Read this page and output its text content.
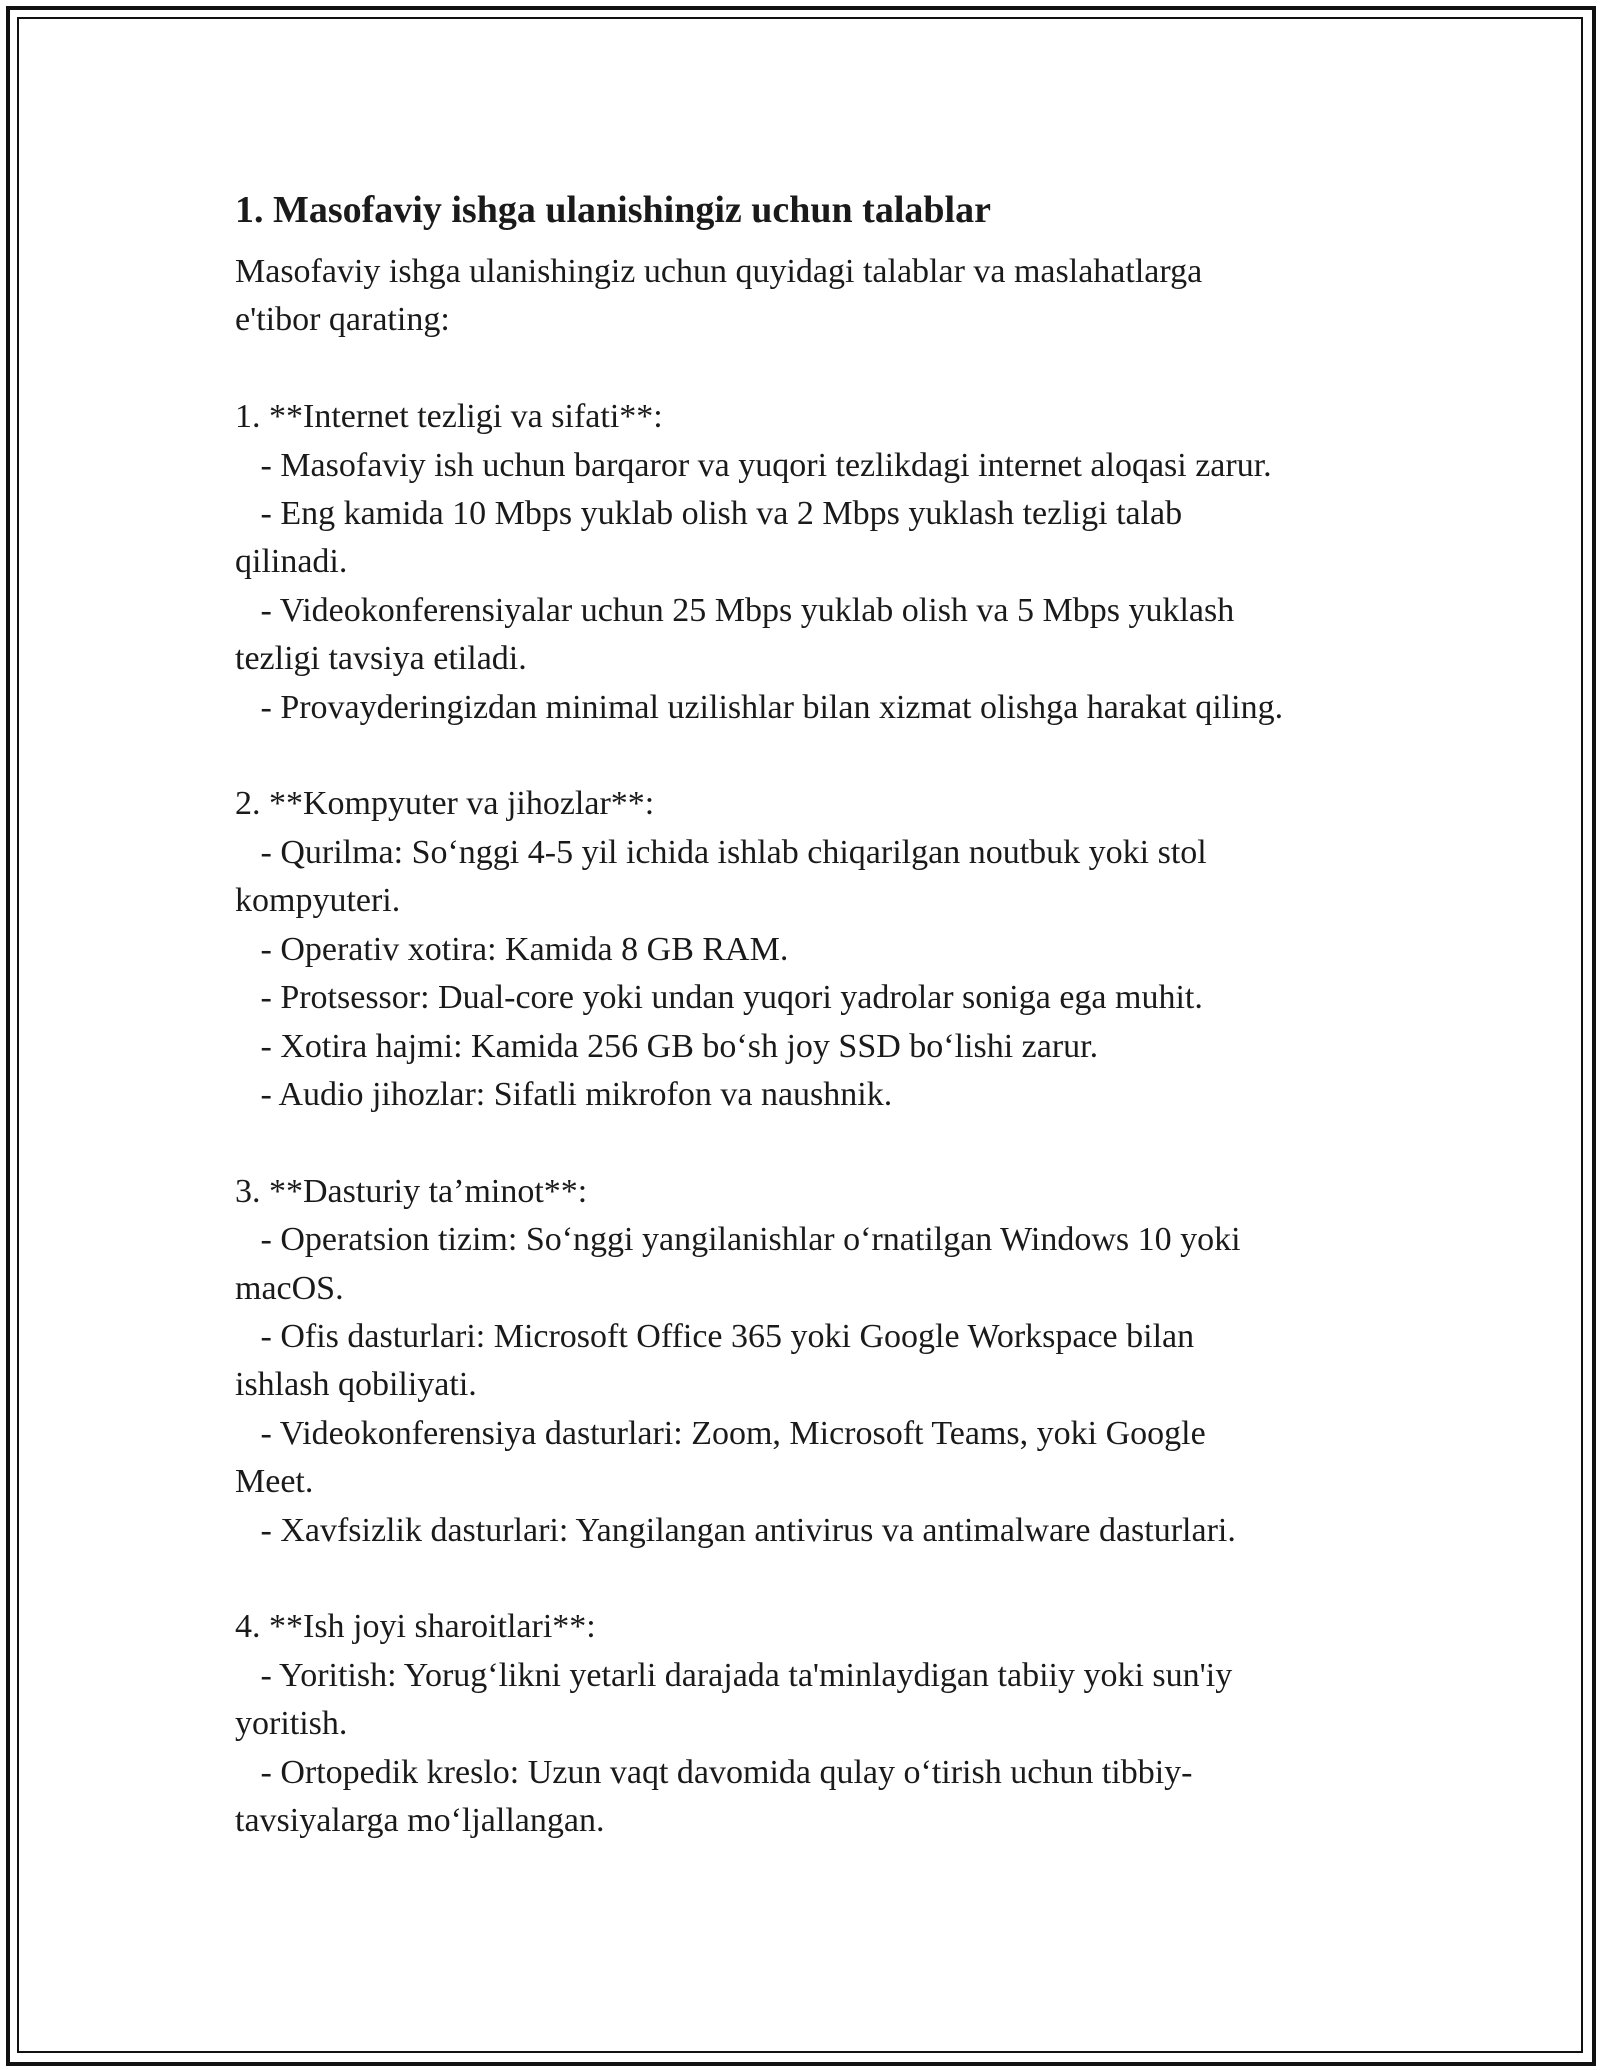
1. Masofaviy ishga ulanishingiz uchun talablar

Masofaviy ishga ulanishingiz uchun quyidagi talablar va maslahatlarga
e'tibor qarating:

1. **Internet tezligi va sifati**:
- Masofaviy ish uchun barqaror va yuqori tezlikdagi internet aloqasi zarur.
- Eng kamida 10 Mbps yuklab olish va 2 Mbps yuklash tezligi talab
qilinadi.
- Videokonferensiyalar uchun 25 Mbps yuklab olish va 5 Mbps yuklash
tezligi tavsiya etiladi.
- Provayderingizdan minimal uzilishlar bilan xizmat olishga harakat qiling.

2. **Kompyuter va jihozlar**:
- Qurilma: So‘nggi 4-5 yil ichida ishlab chiqarilgan noutbuk yoki stol
kompyuteri.
- Operativ xotira: Kamida 8 GB RAM.
- Protsessor: Dual-core yoki undan yuqori yadrolar soniga ega muhit.
- Xotira hajmi: Kamida 256 GB bo‘sh joy SSD bo‘lishi zarur.
- Audio jihozlar: Sifatli mikrofon va naushnik.

3. **Dasturiy ta’minot**:
- Operatsion tizim: So‘nggi yangilanishlar o‘rnatilgan Windows 10 yoki
macOS.
- Ofis dasturlari: Microsoft Office 365 yoki Google Workspace bilan
ishlash qobiliyati.
- Videokonferensiya dasturlari: Zoom, Microsoft Teams, yoki Google
Meet.
- Xavfsizlik dasturlari: Yangilangan antivirus va antimalware dasturlari.

4. **Ish joyi sharoitlari**:
- Yoritish: Yorug‘likni yetarli darajada ta'minlaydigan tabiiy yoki sun'iy
yoritish.
- Ortopedik kreslo: Uzun vaqt davomida qulay o‘tirish uchun tibbiy-
tavsiyalarga mo‘ljallangan.
